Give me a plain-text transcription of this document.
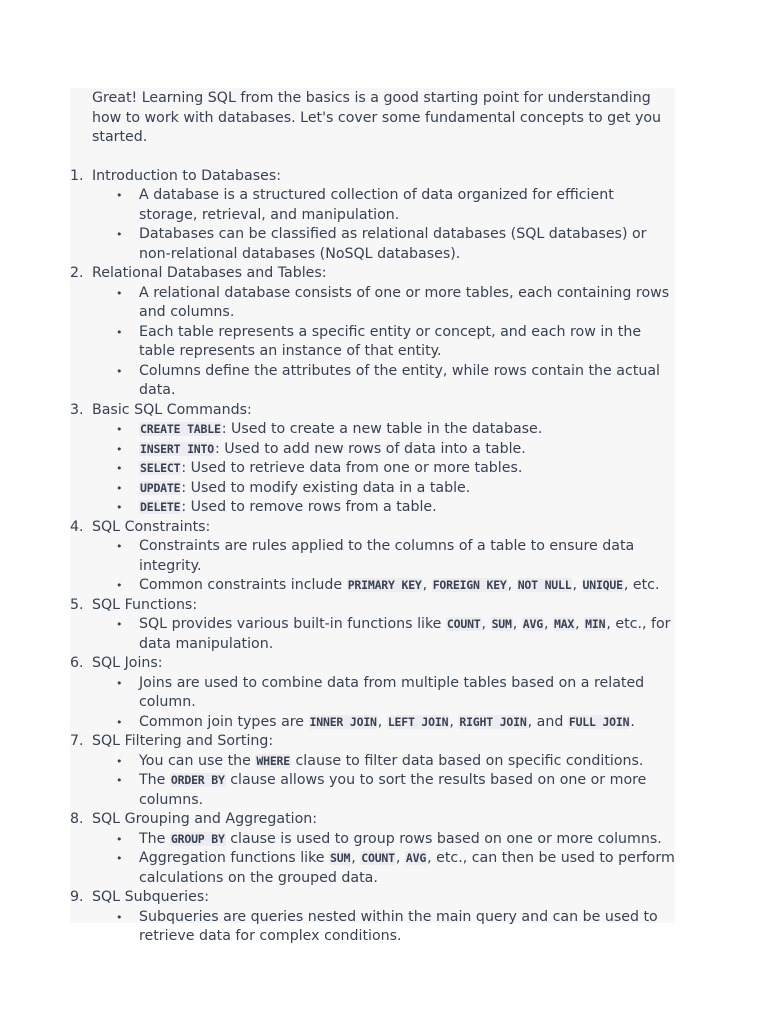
Great! Learning SQL from the basics is a good starting point for understanding how to work with databases. Let's cover some fundamental concepts to get you started.

1. Introduction to Databases:
• A database is a structured collection of data organized for efficient storage, retrieval, and manipulation.
• Databases can be classified as relational databases (SQL databases) or non-relational databases (NoSQL databases).
2. Relational Databases and Tables:
• A relational database consists of one or more tables, each containing rows and columns.
• Each table represents a specific entity or concept, and each row in the table represents an instance of that entity.
• Columns define the attributes of the entity, while rows contain the actual data.
3. Basic SQL Commands:
• CREATE TABLE: Used to create a new table in the database.
• INSERT INTO: Used to add new rows of data into a table.
• SELECT: Used to retrieve data from one or more tables.
• UPDATE: Used to modify existing data in a table.
• DELETE: Used to remove rows from a table.
4. SQL Constraints:
• Constraints are rules applied to the columns of a table to ensure data integrity.
• Common constraints include PRIMARY KEY, FOREIGN KEY, NOT NULL, UNIQUE, etc.
5. SQL Functions:
• SQL provides various built-in functions like COUNT, SUM, AVG, MAX, MIN, etc., for data manipulation.
6. SQL Joins:
• Joins are used to combine data from multiple tables based on a related column.
• Common join types are INNER JOIN, LEFT JOIN, RIGHT JOIN, and FULL JOIN.
7. SQL Filtering and Sorting:
• You can use the WHERE clause to filter data based on specific conditions.
• The ORDER BY clause allows you to sort the results based on one or more columns.
8. SQL Grouping and Aggregation:
• The GROUP BY clause is used to group rows based on one or more columns.
• Aggregation functions like SUM, COUNT, AVG, etc., can then be used to perform calculations on the grouped data.
9. SQL Subqueries:
• Subqueries are queries nested within the main query and can be used to retrieve data for complex conditions.
